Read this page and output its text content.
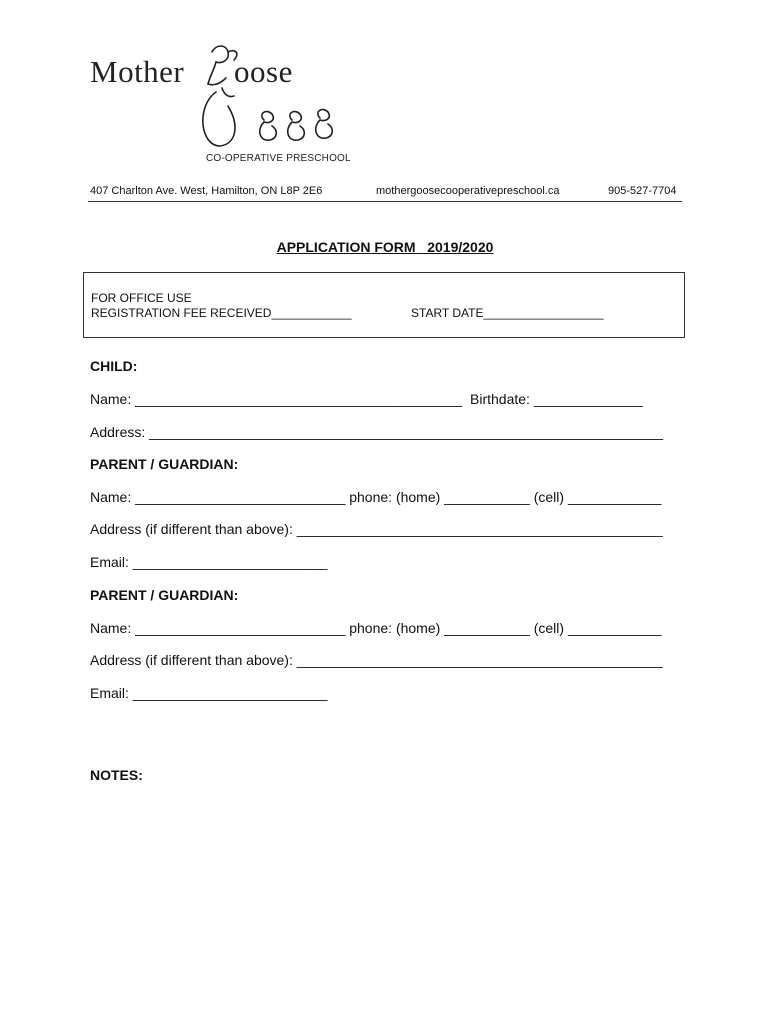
Mother oose
CO-OPERATIVE PRESCHOOL
407 Charlton Ave. West, Hamilton, ON L8P 2E6	mothergoosecooperativepreschool.ca	905-527-7704
APPLICATION FORM   2019/2020
FOR OFFICE USE
REGISTRATION FEE RECEIVED____________	START DATE__________________
CHILD:
Name: __________________________________________ Birthdate: ______________
Address: __________________________________________________________________
PARENT / GUARDIAN:
Name: ___________________________ phone: (home) ___________ (cell) ____________
Address (if different than above): _______________________________________________
Email: _________________________
PARENT / GUARDIAN:
Name: ___________________________ phone: (home) ___________ (cell) ____________
Address (if different than above): _______________________________________________
Email: _________________________
NOTES:
